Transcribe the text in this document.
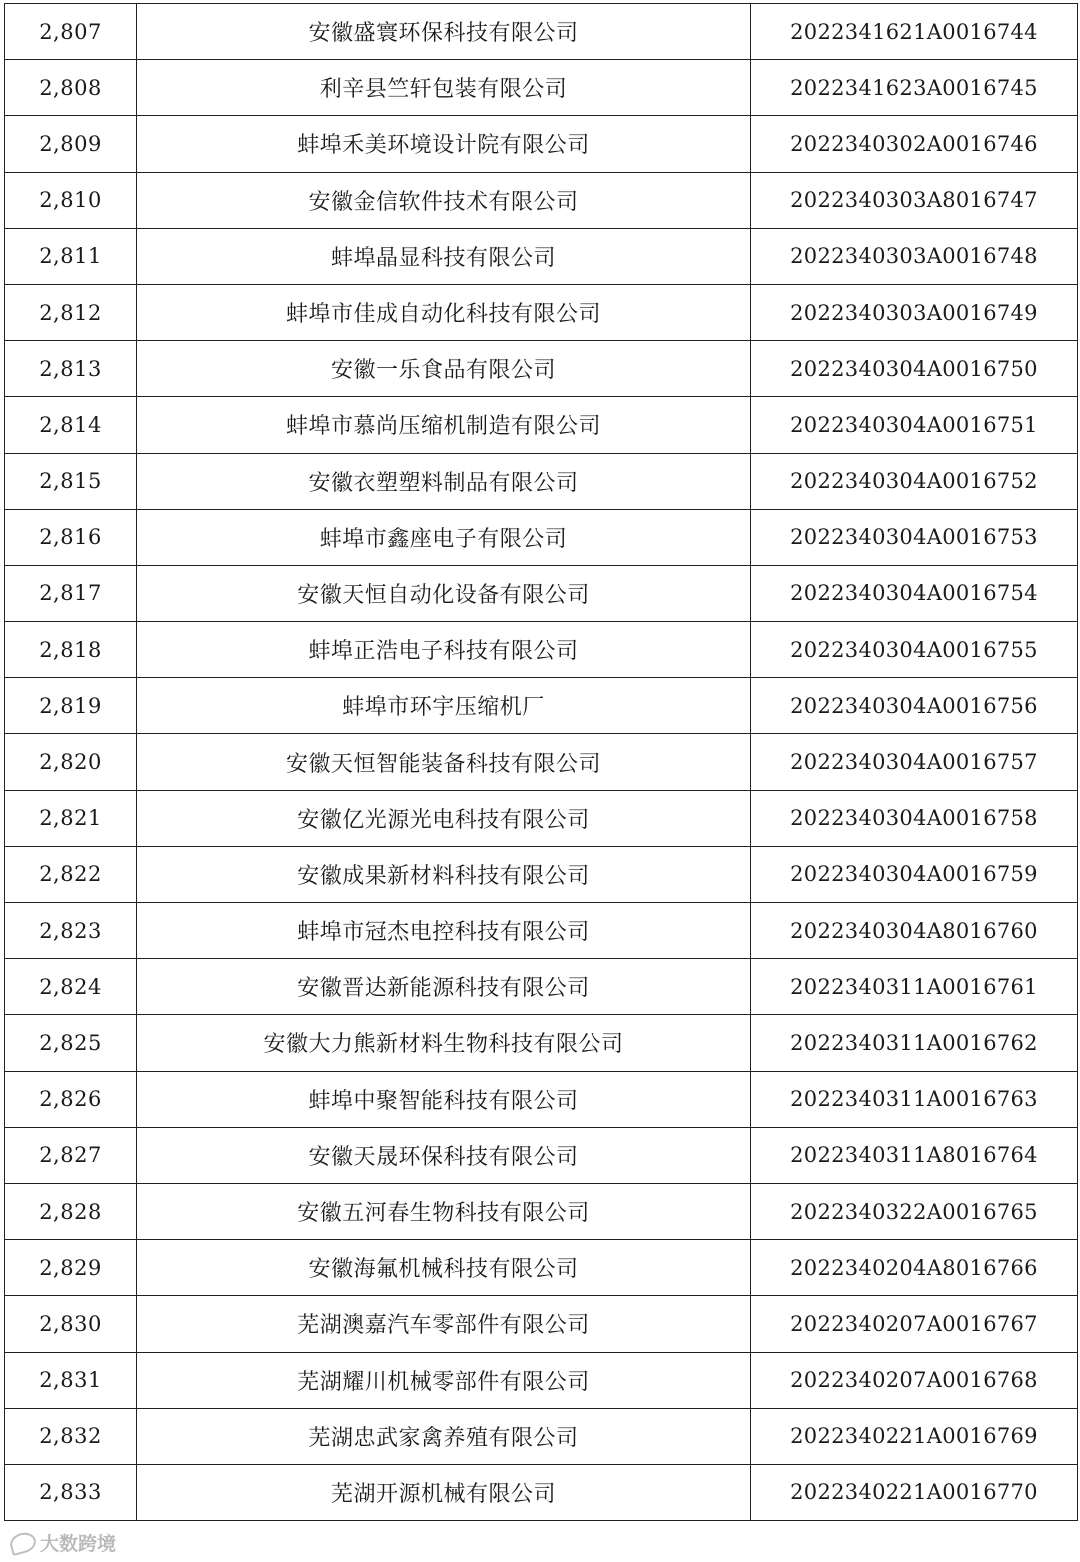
2,807	安徽盛寰环保科技有限公司	2022341621A0016744
2,808	利辛县竺轩包装有限公司	2022341623A0016745
2,809	蚌埠禾美环境设计院有限公司	2022340302A0016746
2,810	安徽金信软件技术有限公司	2022340303A8016747
2,811	蚌埠晶显科技有限公司	2022340303A0016748
2,812	蚌埠市佳成自动化科技有限公司	2022340303A0016749
2,813	安徽一乐食品有限公司	2022340304A0016750
2,814	蚌埠市慕尚压缩机制造有限公司	2022340304A0016751
2,815	安徽衣塑塑料制品有限公司	2022340304A0016752
2,816	蚌埠市鑫座电子有限公司	2022340304A0016753
2,817	安徽天恒自动化设备有限公司	2022340304A0016754
2,818	蚌埠正浩电子科技有限公司	2022340304A0016755
2,819	蚌埠市环宇压缩机厂	2022340304A0016756
2,820	安徽天恒智能装备科技有限公司	2022340304A0016757
2,821	安徽亿光源光电科技有限公司	2022340304A0016758
2,822	安徽成果新材料科技有限公司	2022340304A0016759
2,823	蚌埠市冠杰电控科技有限公司	2022340304A8016760
2,824	安徽晋达新能源科技有限公司	2022340311A0016761
2,825	安徽大力熊新材料生物科技有限公司	2022340311A0016762
2,826	蚌埠中聚智能科技有限公司	2022340311A0016763
2,827	安徽天晟环保科技有限公司	2022340311A8016764
2,828	安徽五河春生物科技有限公司	2022340322A0016765
2,829	安徽海氟机械科技有限公司	2022340204A8016766
2,830	芜湖澳嘉汽车零部件有限公司	2022340207A0016767
2,831	芜湖耀川机械零部件有限公司	2022340207A0016768
2,832	芜湖忠武家禽养殖有限公司	2022340221A0016769
2,833	芜湖开源机械有限公司	2022340221A0016770
大数跨境
